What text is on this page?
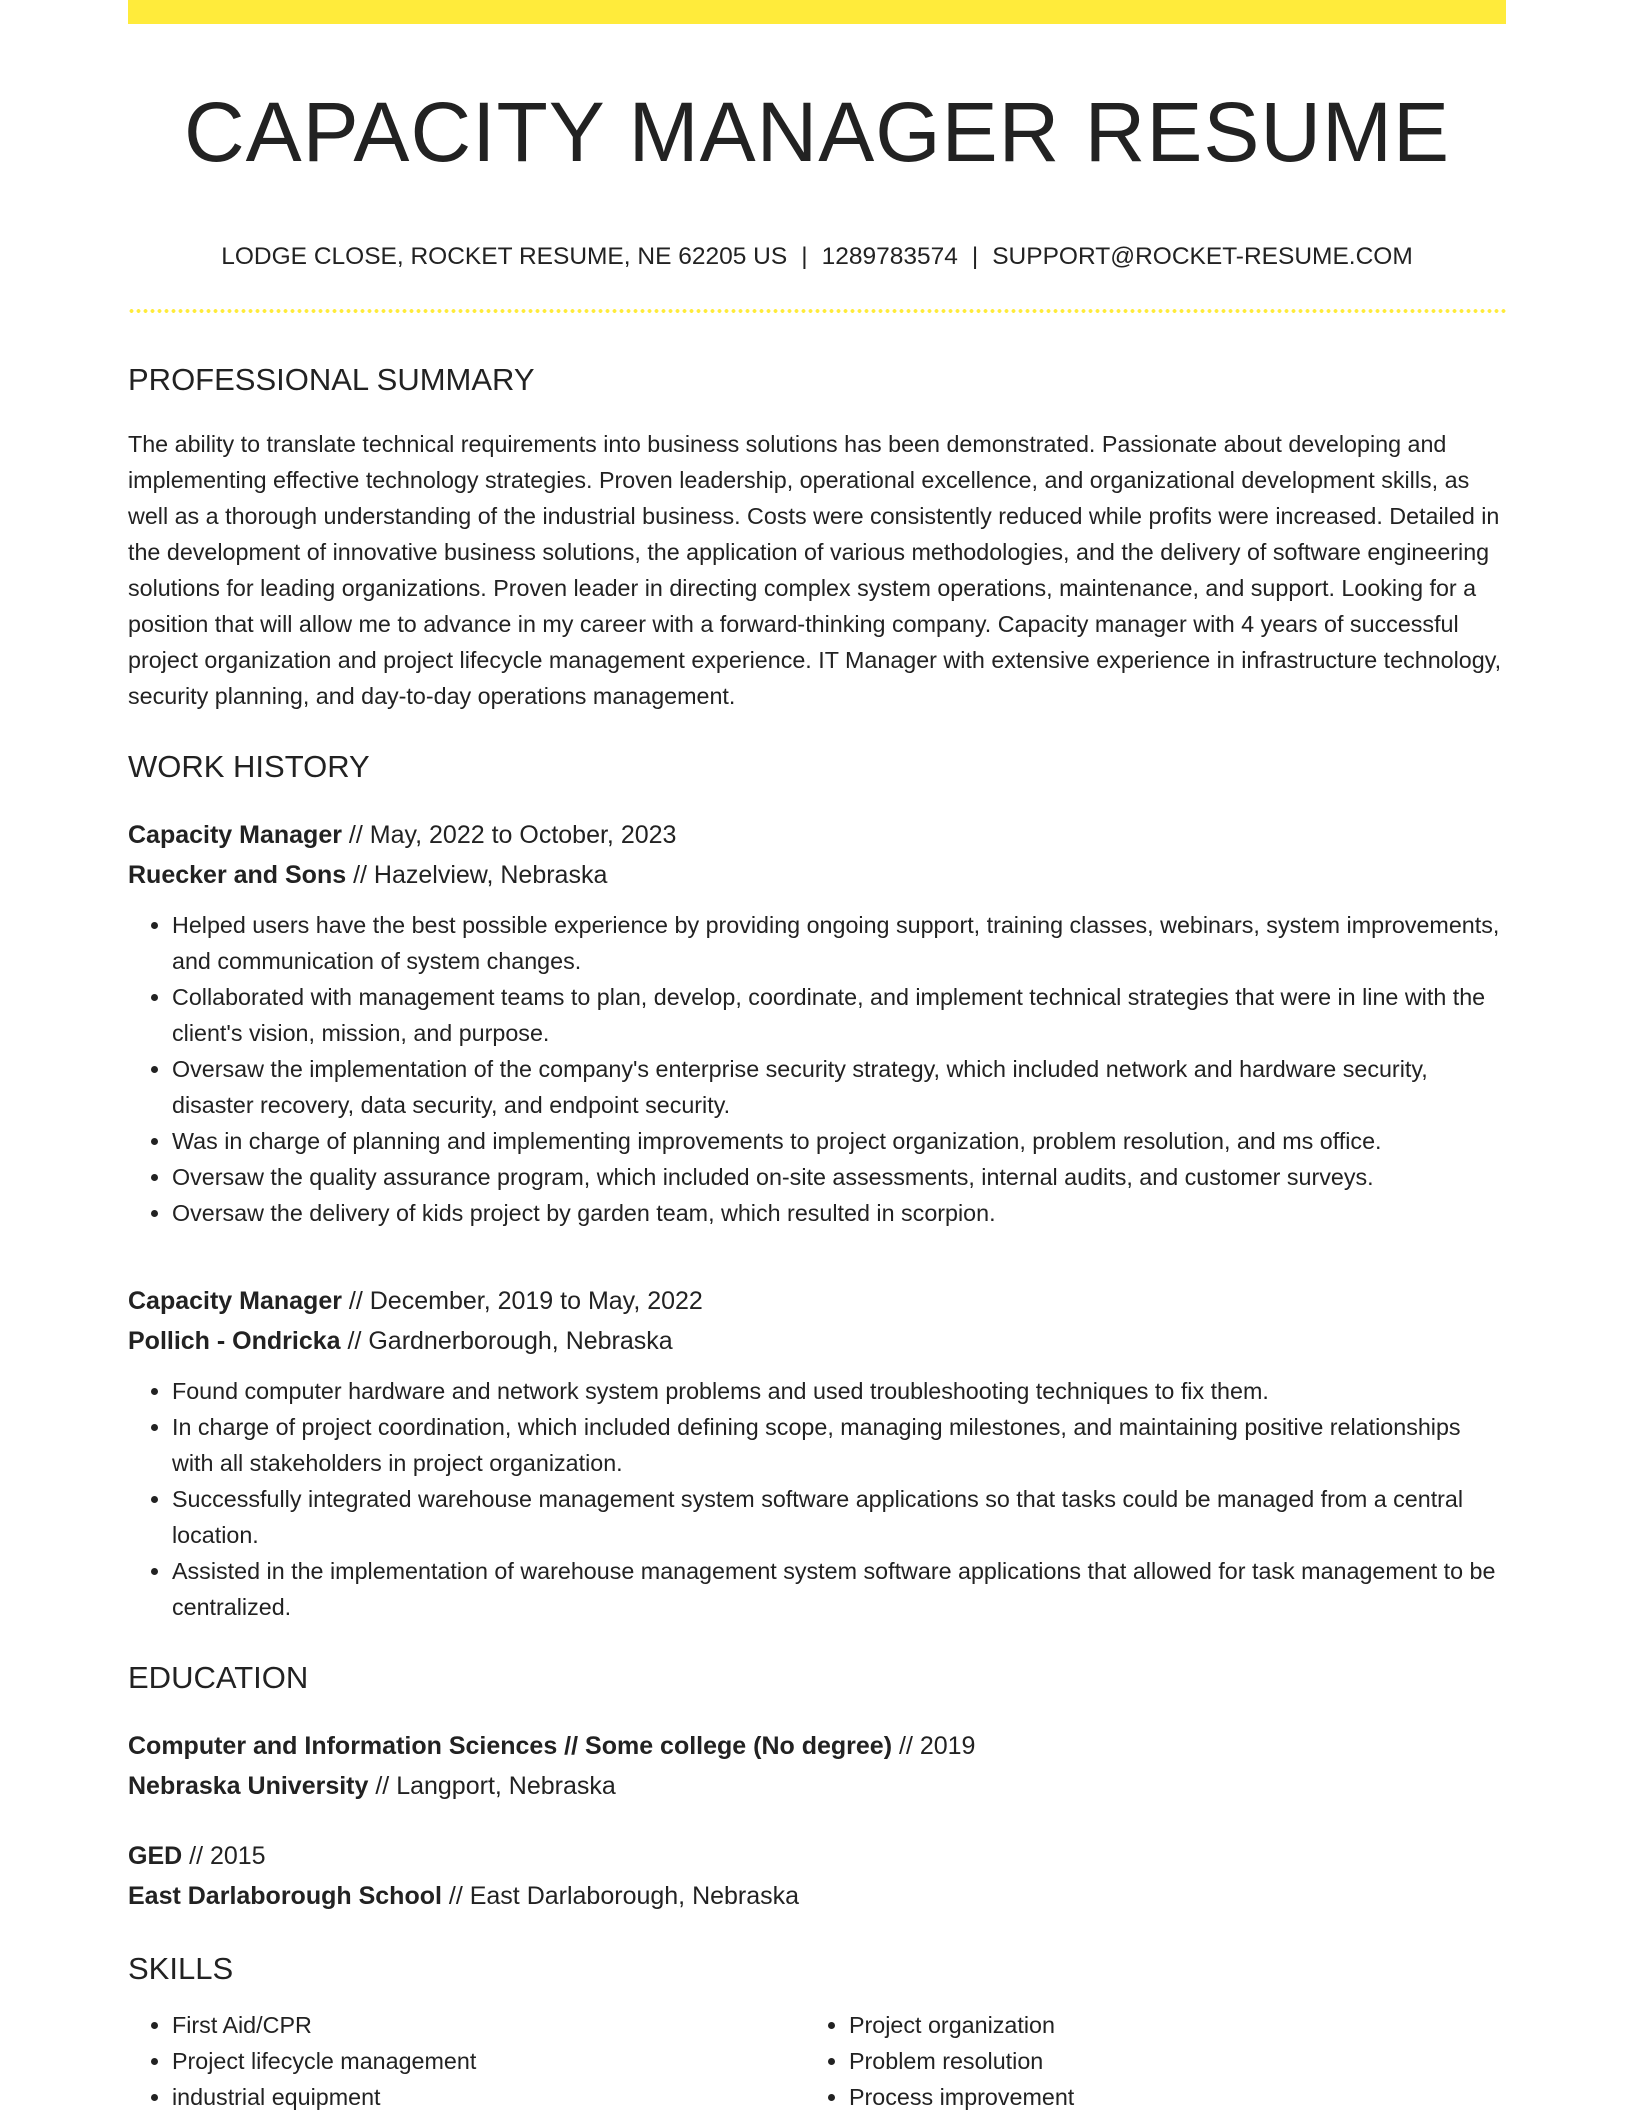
CAPACITY MANAGER RESUME
LODGE CLOSE, ROCKET RESUME, NE 62205 US | 1289783574 | SUPPORT@ROCKET-RESUME.COM
PROFESSIONAL SUMMARY

The ability to translate technical requirements into business solutions has been demonstrated. Passionate about developing and implementing effective technology strategies. Proven leadership, operational excellence, and organizational development skills, as well as a thorough understanding of the industrial business. Costs were consistently reduced while profits were increased. Detailed in the development of innovative business solutions, the application of various methodologies, and the delivery of software engineering solutions for leading organizations. Proven leader in directing complex system operations, maintenance, and support. Looking for a position that will allow me to advance in my career with a forward-thinking company. Capacity manager with 4 years of successful project organization and project lifecycle management experience. IT Manager with extensive experience in infrastructure technology, security planning, and day-to-day operations management.

WORK HISTORY
Capacity Manager // May, 2022 to October, 2023
Ruecker and Sons // Hazelview, Nebraska
• Helped users have the best possible experience by providing ongoing support, training classes, webinars, system improvements, and communication of system changes.
• Collaborated with management teams to plan, develop, coordinate, and implement technical strategies that were in line with the client's vision, mission, and purpose.
• Oversaw the implementation of the company's enterprise security strategy, which included network and hardware security, disaster recovery, data security, and endpoint security.
• Was in charge of planning and implementing improvements to project organization, problem resolution, and ms office.
• Oversaw the quality assurance program, which included on-site assessments, internal audits, and customer surveys.
• Oversaw the delivery of kids project by garden team, which resulted in scorpion.
Capacity Manager // December, 2019 to May, 2022
Pollich - Ondricka // Gardnerborough, Nebraska
• Found computer hardware and network system problems and used troubleshooting techniques to fix them.
• In charge of project coordination, which included defining scope, managing milestones, and maintaining positive relationships with all stakeholders in project organization.
• Successfully integrated warehouse management system software applications so that tasks could be managed from a central location.
• Assisted in the implementation of warehouse management system software applications that allowed for task management to be centralized.
EDUCATION
Computer and Information Sciences // Some college (No degree) // 2019
Nebraska University // Langport, Nebraska
GED // 2015
East Darlaborough School // East Darlaborough, Nebraska
SKILLS
• First Aid/CPR
• Project lifecycle management
• industrial equipment
• Project organization
• Problem resolution
• Process improvement
